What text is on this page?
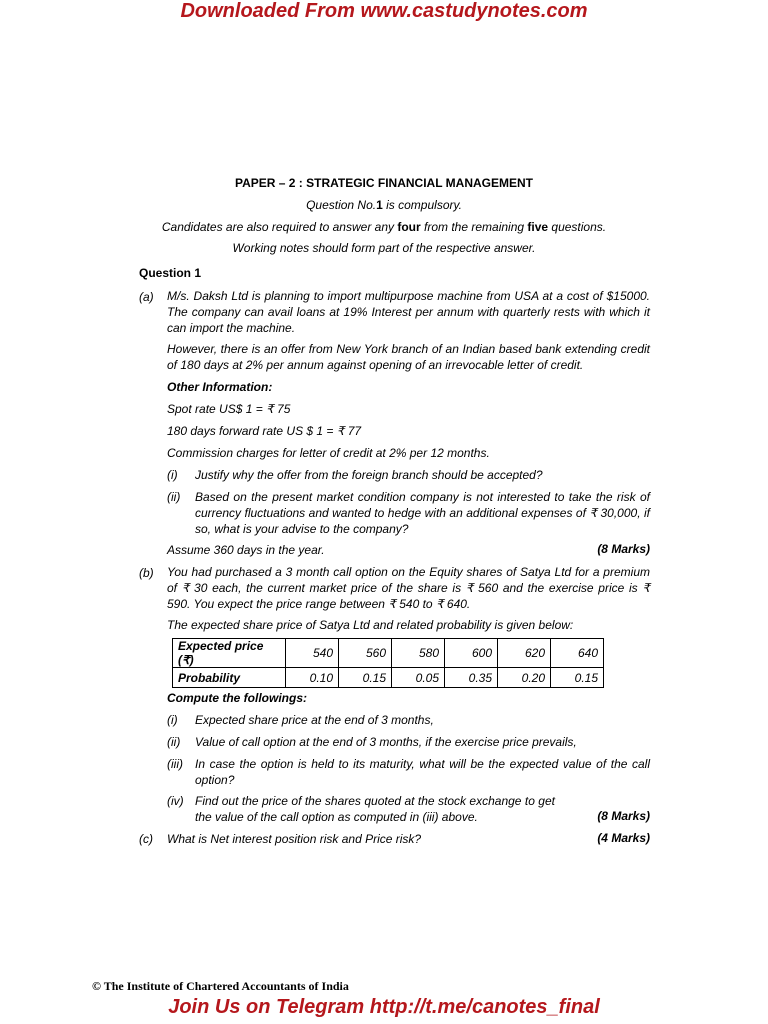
Downloaded From www.castudynotes.com
PAPER – 2 : STRATEGIC FINANCIAL MANAGEMENT
Question No.1 is compulsory.
Candidates are also required to answer any four from the remaining five questions.
Working notes should form part of the respective answer.
Question 1
(a) M/s. Daksh Ltd is planning to import multipurpose machine from USA at a cost of $15000. The company can avail loans at 19% Interest per annum with quarterly rests with which it can import the machine.
However, there is an offer from New York branch of an Indian based bank extending credit of 180 days at 2% per annum against opening of an irrevocable letter of credit.
Other Information:
Spot rate US$ 1 = ₹ 75
180 days forward rate US $ 1 = ₹ 77
Commission charges for letter of credit at 2% per 12 months.
(i) Justify why the offer from the foreign branch should be accepted?
(ii) Based on the present market condition company is not interested to take the risk of currency fluctuations and wanted to hedge with an additional expenses of ₹ 30,000, if so, what is your advise to the company?
Assume 360 days in the year.	(8 Marks)
(b) You had purchased a 3 month call option on the Equity shares of Satya Ltd for a premium of ₹ 30 each, the current market price of the share is ₹ 560 and the exercise price is ₹ 590. You expect the price range between ₹ 540 to ₹ 640.
The expected share price of Satya Ltd and related probability is given below:
Expected price (₹)	540	560	580	600	620	640
Probability	0.10	0.15	0.05	0.35	0.20	0.15
Compute the followings:
(i) Expected share price at the end of 3 months,
(ii) Value of call option at the end of 3 months, if the exercise price prevails,
(iii) In case the option is held to its maturity, what will be the expected value of the call option?
(iv) Find out the price of the shares quoted at the stock exchange to get the value of the call option as computed in (iii) above.	(8 Marks)
(c) What is Net interest position risk and Price risk?	(4 Marks)
© The Institute of Chartered Accountants of India
Join Us on Telegram http://t.me/canotes_final
